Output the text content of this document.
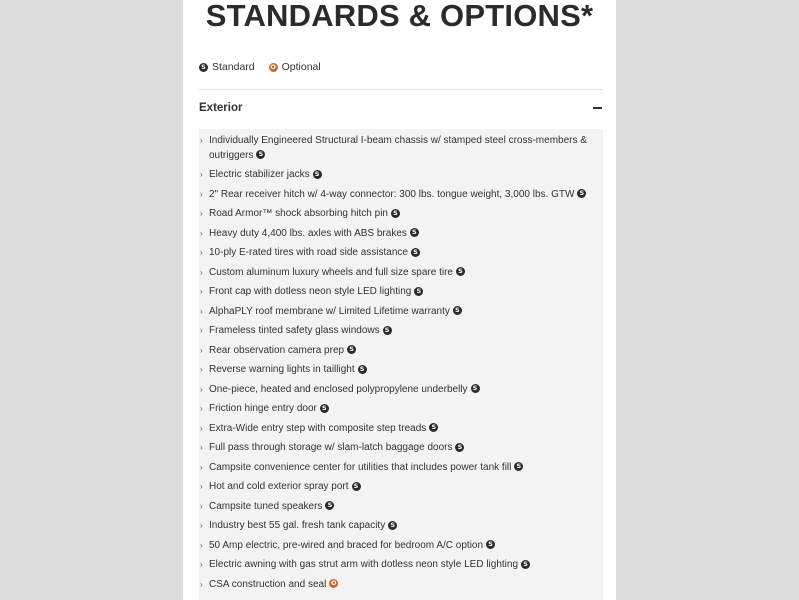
STANDARDS & OPTIONS*
S Standard O Optional
Exterior
› Individually Engineered Structural I-beam chassis w/ stamped steel cross-members & outriggers S
› Electric stabilizer jacks S
› 2" Rear receiver hitch w/ 4-way connector: 300 lbs. tongue weight, 3,000 lbs. GTW S
› Road Armor™ shock absorbing hitch pin S
› Heavy duty 4,400 lbs. axles with ABS brakes S
› 10-ply E-rated tires with road side assistance S
› Custom aluminum luxury wheels and full size spare tire S
› Front cap with dotless neon style LED lighting S
› AlphaPLY roof membrane w/ Limited Lifetime warranty S
› Frameless tinted safety glass windows S
› Rear observation camera prep S
› Reverse warning lights in taillight S
› One-piece, heated and enclosed polypropylene underbelly S
› Friction hinge entry door S
› Extra-Wide entry step with composite step treads S
› Full pass through storage w/ slam-latch baggage doors S
› Campsite convenience center for utilities that includes power tank fill S
› Hot and cold exterior spray port S
› Campsite tuned speakers S
› Industry best 55 gal. fresh tank capacity S
› 50 Amp electric, pre-wired and braced for bedroom A/C option S
› Electric awning with gas strut arm with dotless neon style LED lighting S
› CSA construction and seal O
